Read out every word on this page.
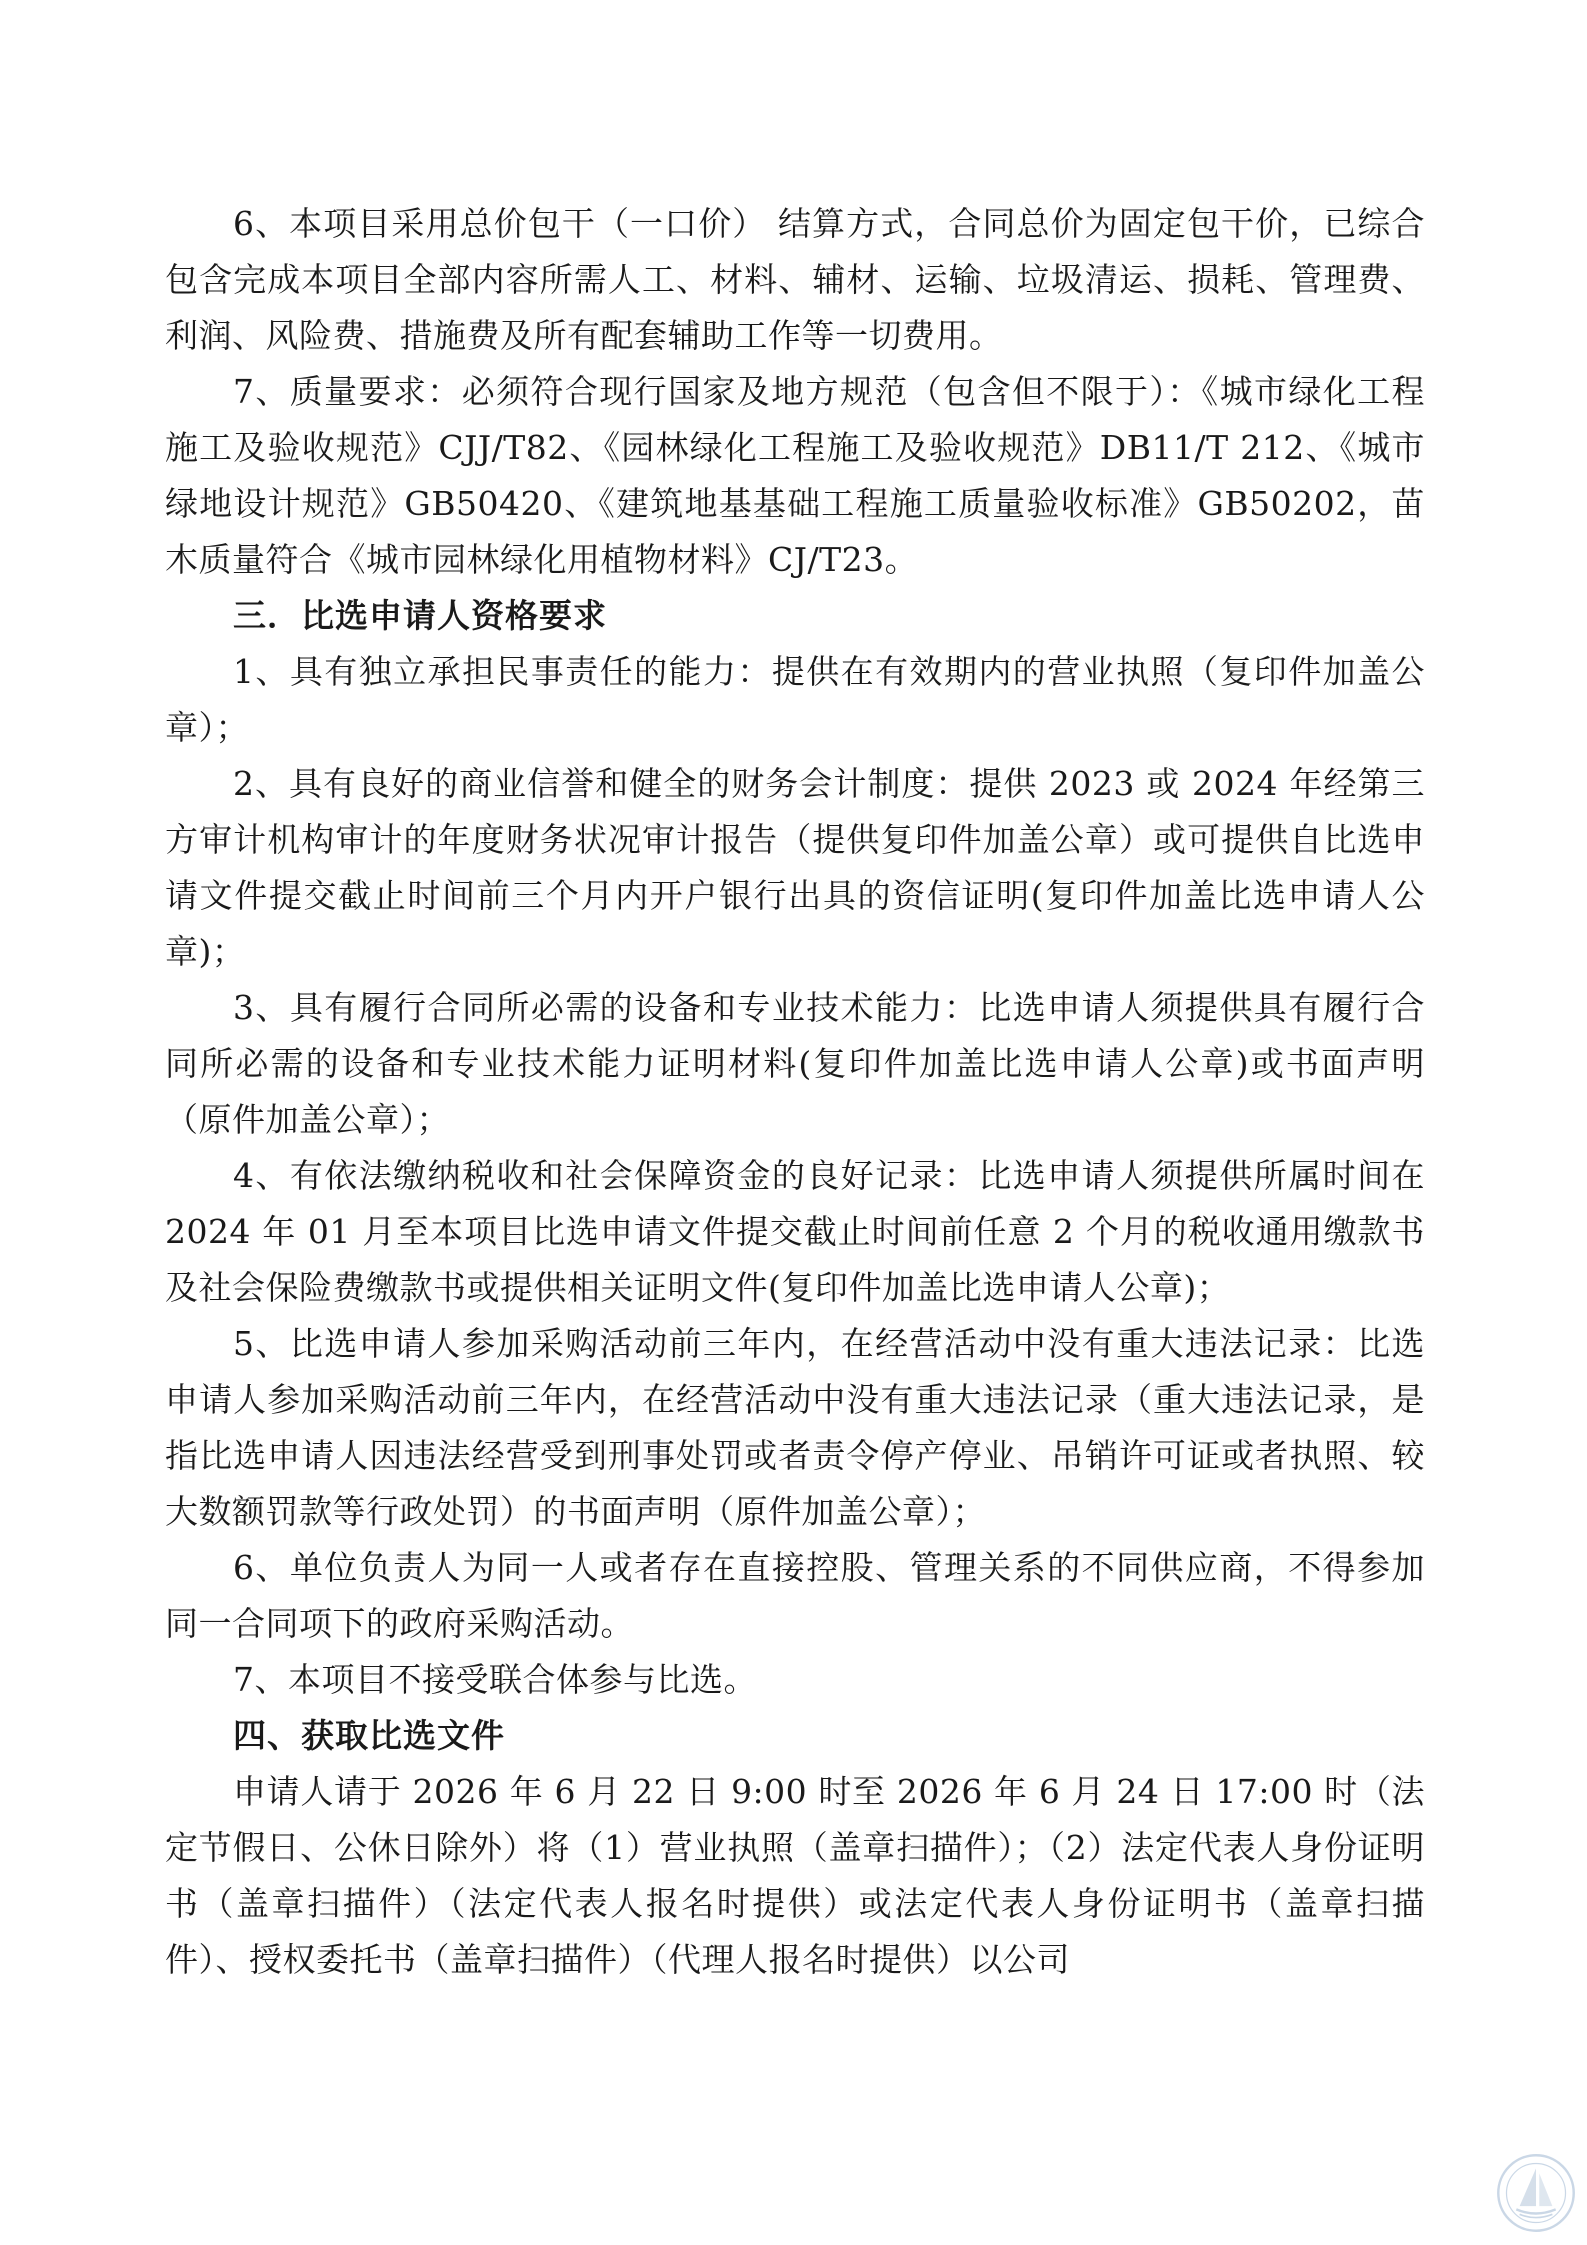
6、本项目采用总价包干（一口价） 结算方式，合同总价为固定包干价，已综合包含完成本项目全部内容所需人工、材料、辅材、运输、垃圾清运、损耗、管理费、利润、风险费、措施费及所有配套辅助工作等一切费用。

7、质量要求：必须符合现行国家及地方规范（包含但不限于）：《城市绿化工程施工及验收规范》CJJ/T82、《园林绿化工程施工及验收规范》DB11/T 212、《城市绿地设计规范》GB50420、《建筑地基基础工程施工质量验收标准》GB50202，苗木质量符合《城市园林绿化用植物材料》CJ/T23。

三．比选申请人资格要求

1、具有独立承担民事责任的能力：提供在有效期内的营业执照（复印件加盖公章）；

2、具有良好的商业信誉和健全的财务会计制度：提供 2023 或 2024 年经第三方审计机构审计的年度财务状况审计报告（提供复印件加盖公章）或可提供自比选申请文件提交截止时间前三个月内开户银行出具的资信证明(复印件加盖比选申请人公章)；

3、具有履行合同所必需的设备和专业技术能力：比选申请人须提供具有履行合同所必需的设备和专业技术能力证明材料(复印件加盖比选申请人公章)或书面声明（原件加盖公章）；

4、有依法缴纳税收和社会保障资金的良好记录：比选申请人须提供所属时间在 2024 年 01 月至本项目比选申请文件提交截止时间前任意 2 个月的税收通用缴款书及社会保险费缴款书或提供相关证明文件(复印件加盖比选申请人公章)；

5、比选申请人参加采购活动前三年内，在经营活动中没有重大违法记录：比选申请人参加采购活动前三年内，在经营活动中没有重大违法记录（重大违法记录，是指比选申请人因违法经营受到刑事处罚或者责令停产停业、吊销许可证或者执照、较大数额罚款等行政处罚）的书面声明（原件加盖公章）；

6、单位负责人为同一人或者存在直接控股、管理关系的不同供应商，不得参加同一合同项下的政府采购活动。

7、本项目不接受联合体参与比选。

四、获取比选文件

申请人请于 2026 年 6 月 22 日 9:00 时至 2026 年 6 月 24 日 17:00 时（法定节假日、公休日除外）将（1）营业执照（盖章扫描件）；（2）法定代表人身份证明书（盖章扫描件）（法定代表人报名时提供）或法定代表人身份证明书（盖章扫描件）、授权委托书（盖章扫描件）（代理人报名时提供）以公司
